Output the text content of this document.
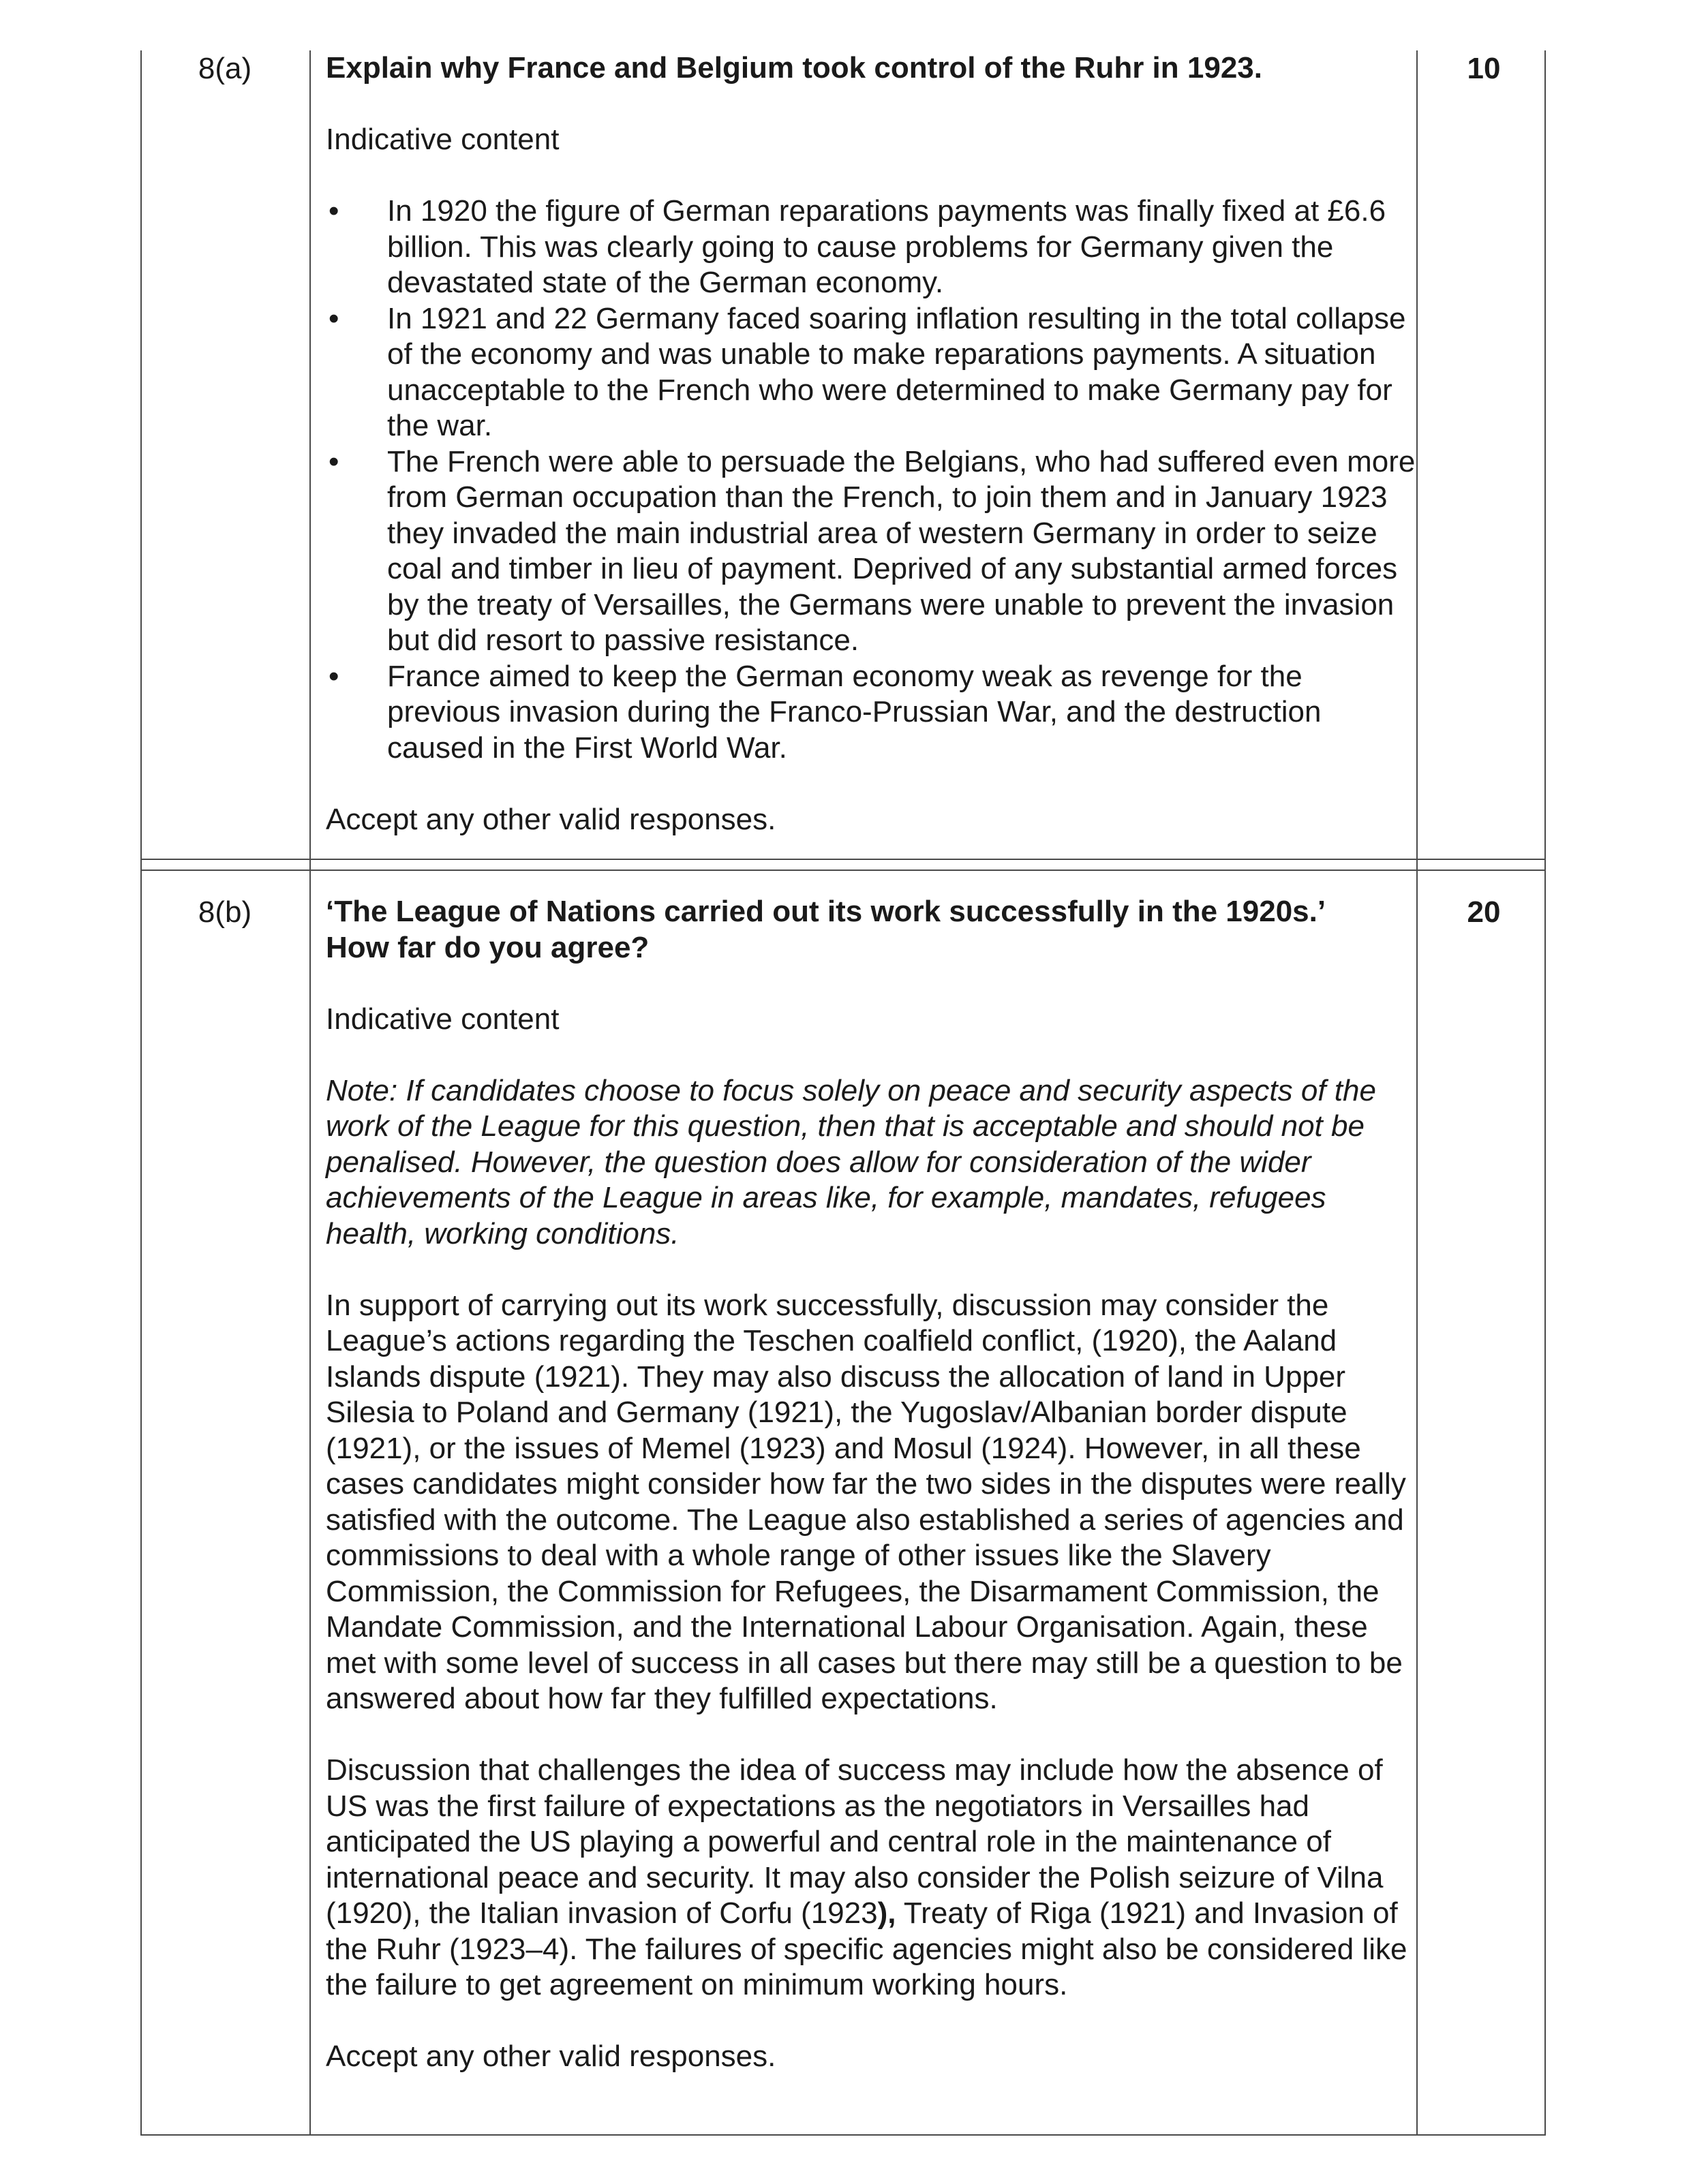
8(a)	10

Explain why France and Belgium took control of the Ruhr in 1923.

Indicative content

• In 1920 the figure of German reparations payments was finally fixed at £6.6 billion. This was clearly going to cause problems for Germany given the devastated state of the German economy.
• In 1921 and 22 Germany faced soaring inflation resulting in the total collapse of the economy and was unable to make reparations payments. A situation unacceptable to the French who were determined to make Germany pay for the war.
• The French were able to persuade the Belgians, who had suffered even more from German occupation than the French, to join them and in January 1923 they invaded the main industrial area of western Germany in order to seize coal and timber in lieu of payment. Deprived of any substantial armed forces by the treaty of Versailles, the Germans were unable to prevent the invasion but did resort to passive resistance.
• France aimed to keep the German economy weak as revenge for the previous invasion during the Franco-Prussian War, and the destruction caused in the First World War.

Accept any other valid responses.

8(b)	20

‘The League of Nations carried out its work successfully in the 1920s.’

How far do you agree?

Indicative content

Note: If candidates choose to focus solely on peace and security aspects of the work of the League for this question, then that is acceptable and should not be penalised. However, the question does allow for consideration of the wider achievements of the League in areas like, for example, mandates, refugees health, working conditions.

In support of carrying out its work successfully, discussion may consider the League’s actions regarding the Teschen coalfield conflict, (1920), the Aaland Islands dispute (1921). They may also discuss the allocation of land in Upper Silesia to Poland and Germany (1921), the Yugoslav/Albanian border dispute (1921), or the issues of Memel (1923) and Mosul (1924). However, in all these cases candidates might consider how far the two sides in the disputes were really satisfied with the outcome. The League also established a series of agencies and commissions to deal with a whole range of other issues like the Slavery Commission, the Commission for Refugees, the Disarmament Commission, the Mandate Commission, and the International Labour Organisation. Again, these met with some level of success in all cases but there may still be a question to be answered about how far they fulfilled expectations.

Discussion that challenges the idea of success may include how the absence of US was the first failure of expectations as the negotiators in Versailles had anticipated the US playing a powerful and central role in the maintenance of international peace and security. It may also consider the Polish seizure of Vilna (1920), the Italian invasion of Corfu (1923), Treaty of Riga (1921) and Invasion of the Ruhr (1923–4). The failures of specific agencies might also be considered like the failure to get agreement on minimum working hours.

Accept any other valid responses.
